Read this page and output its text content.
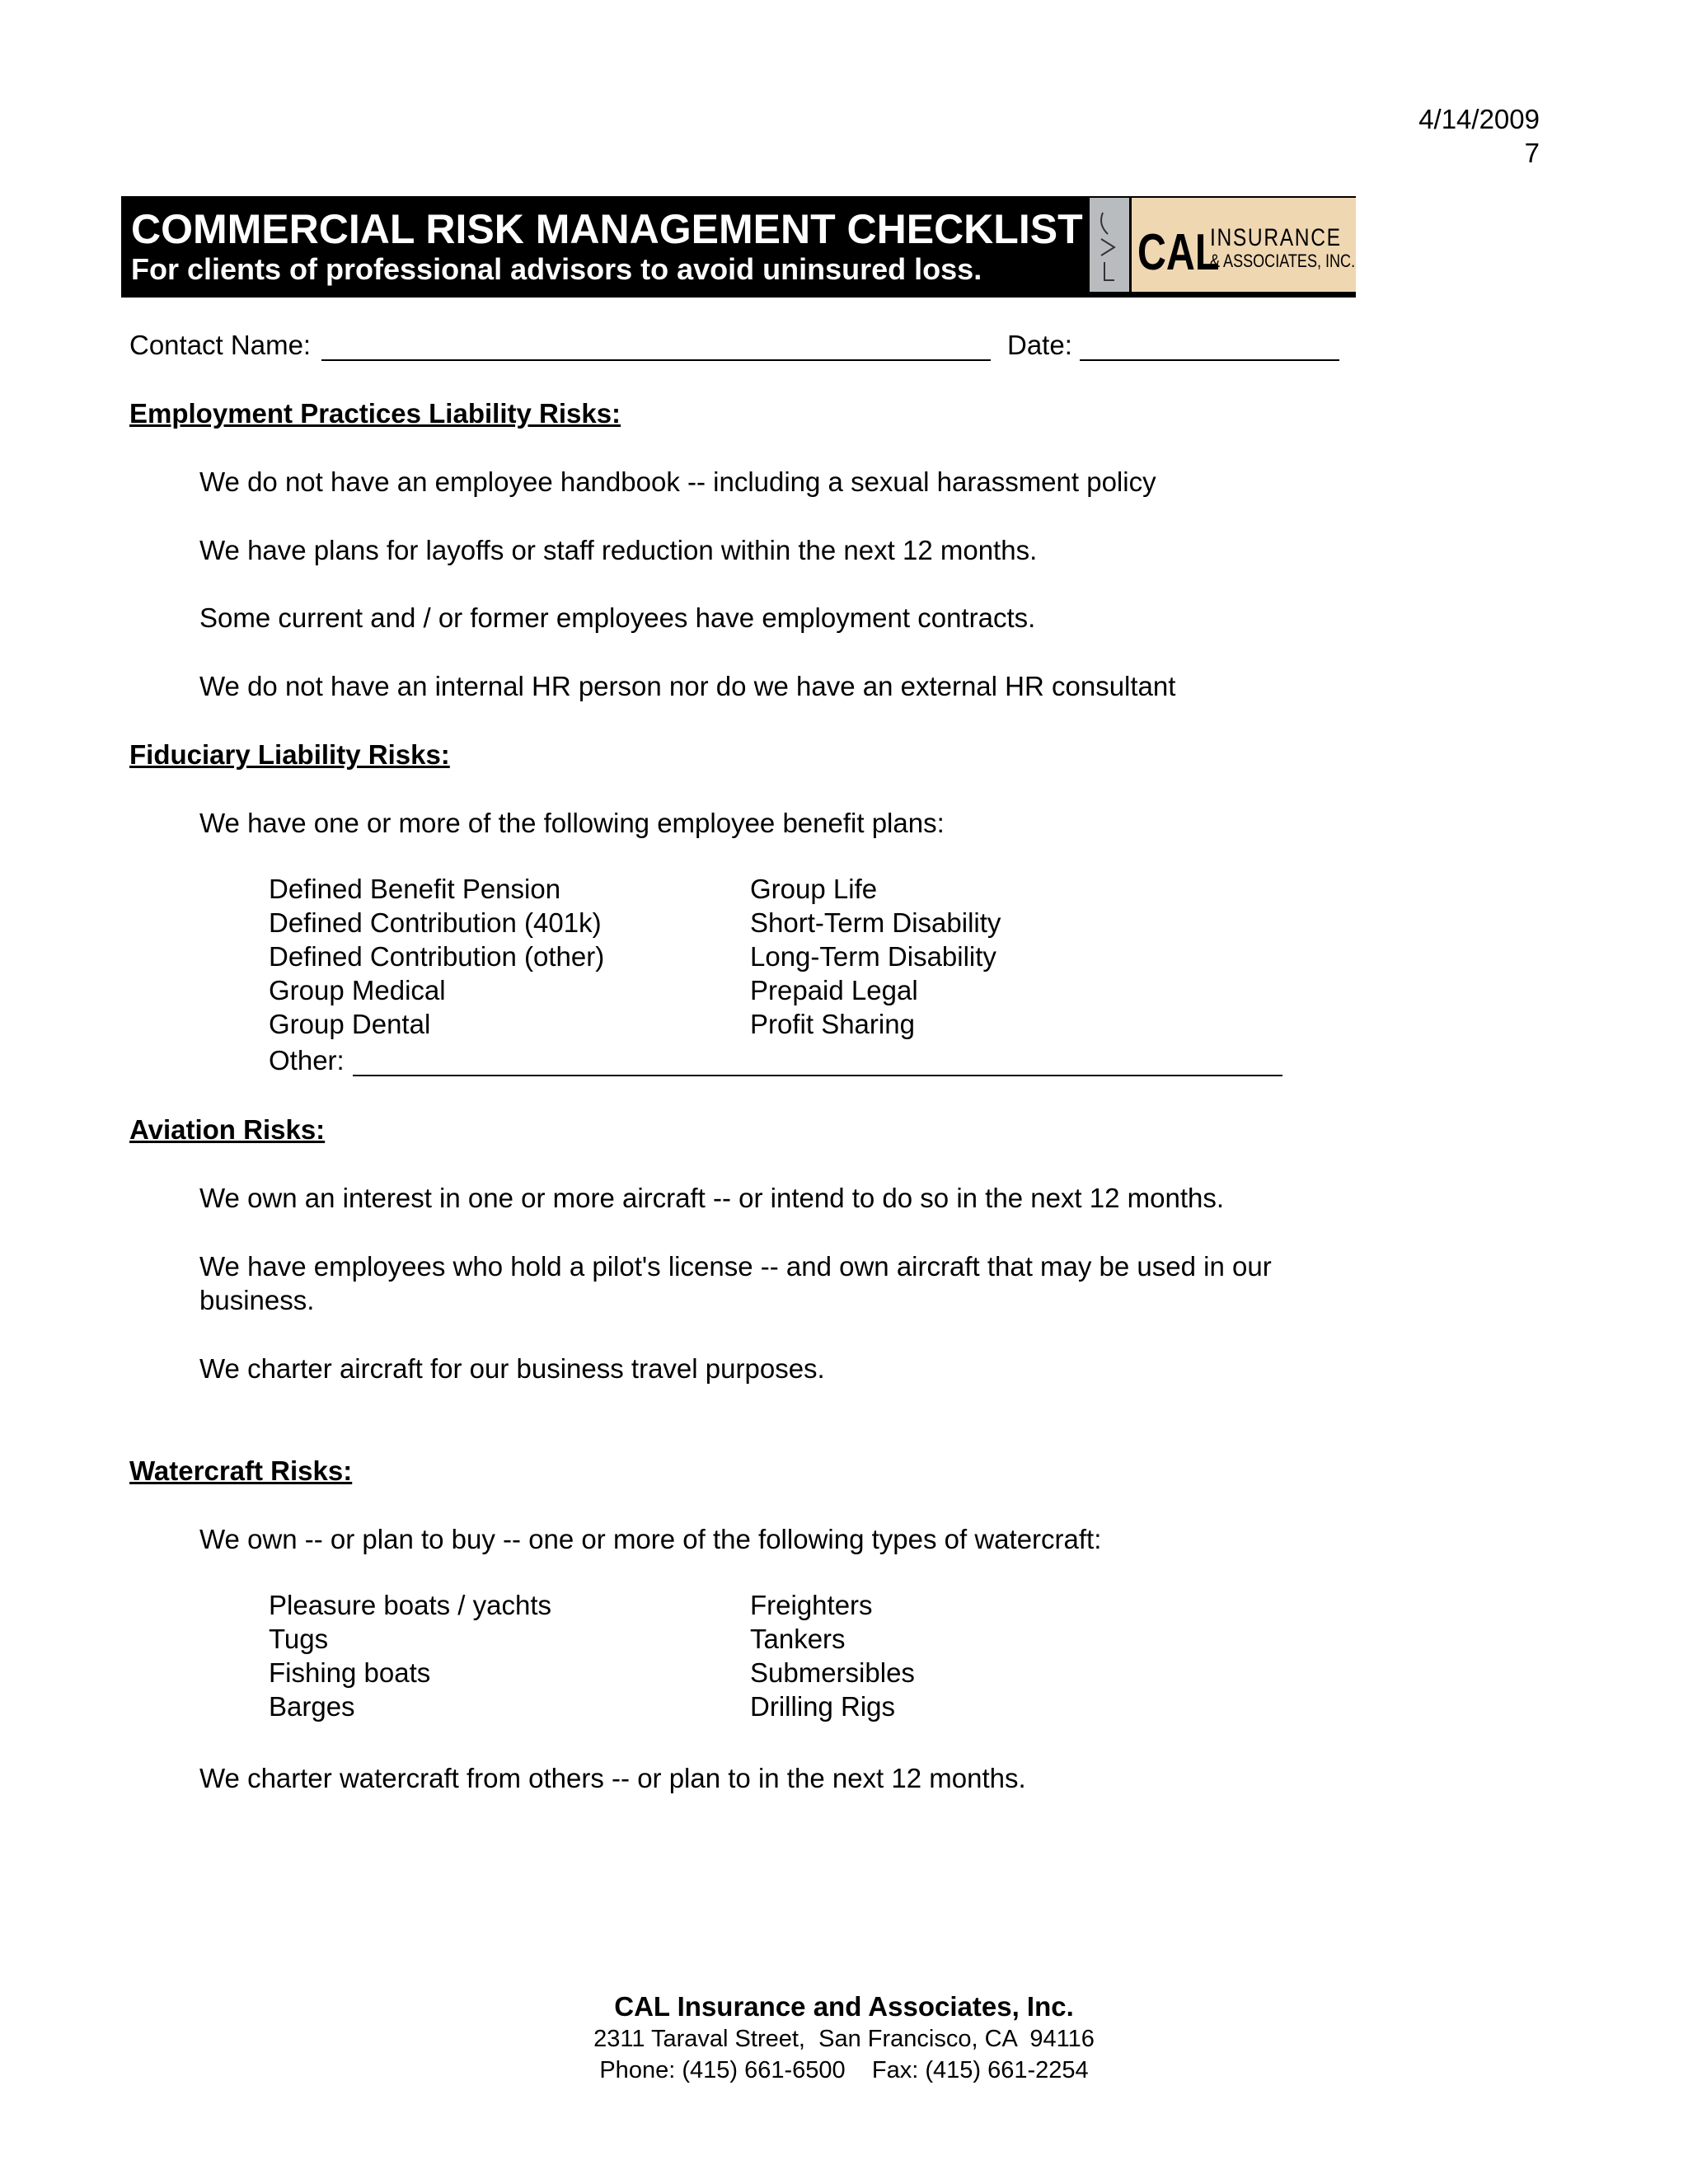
4/14/2009
7
COMMERCIAL RISK MANAGEMENT CHECKLIST
For clients of professional advisors to avoid uninsured loss.	CAL
INSURANCE
& ASSOCIATES, INC.
Contact Name:	Date:
Employment Practices Liability Risks:
We do not have an employee handbook -- including a sexual harassment policy
We have plans for layoffs or staff reduction within the next 12 months.
Some current and / or former employees have employment contracts.
We do not have an internal HR person nor do we have an external HR consultant
Fiduciary Liability Risks:
We have one or more of the following employee benefit plans:
Defined Benefit Pension
Defined Contribution (401k)
Defined Contribution (other)
Group Medical
Group Dental
Group Life
Short-Term Disability
Long-Term Disability
Prepaid Legal
Profit Sharing
Other:
Aviation Risks:
We own an interest in one or more aircraft -- or intend to do so in the next 12 months.
We have employees who hold a pilot's license -- and own aircraft that may be used in our
business.
We charter aircraft for our business travel purposes.
Watercraft Risks:
We own -- or plan to buy -- one or more of the following types of watercraft:
Pleasure boats / yachts
Tugs
Fishing boats
Barges
Freighters
Tankers
Submersibles
Drilling Rigs
We charter watercraft from others -- or plan to in the next 12 months.
CAL Insurance and Associates, Inc.
2311 Taraval Street,  San Francisco, CA  94116
Phone: (415) 661-6500    Fax: (415) 661-2254
